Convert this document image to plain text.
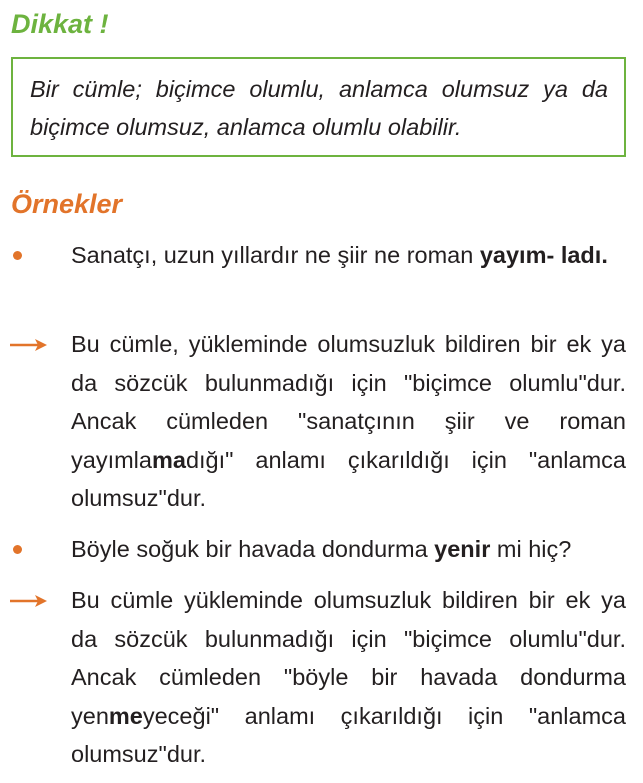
Dikkat !
Bir cümle; biçimce olumlu, anlamca olumsuz ya da biçimce olumsuz, anlamca olumlu olabilir.
Örnekler

Sanatçı, uzun yıllardır ne şiir ne roman yayım- ladı.

Bu cümle, yükleminde olumsuzluk bildiren bir ek ya da sözcük bulunmadığı için "biçimce olumlu"dur. Ancak cümleden "sanatçının şiir ve roman yayımlamadığı" anlamı çıkarıldığı için "anlamca olumsuz"dur.

Böyle soğuk bir havada dondurma yenir mi hiç?

Bu cümle yükleminde olumsuzluk bildiren bir ek ya da sözcük bulunmadığı için "biçimce olumlu"dur. Ancak cümleden "böyle bir havada dondurma yenmeyeceği" anlamı çıkarıldığı için "anlamca olumsuz"dur.
